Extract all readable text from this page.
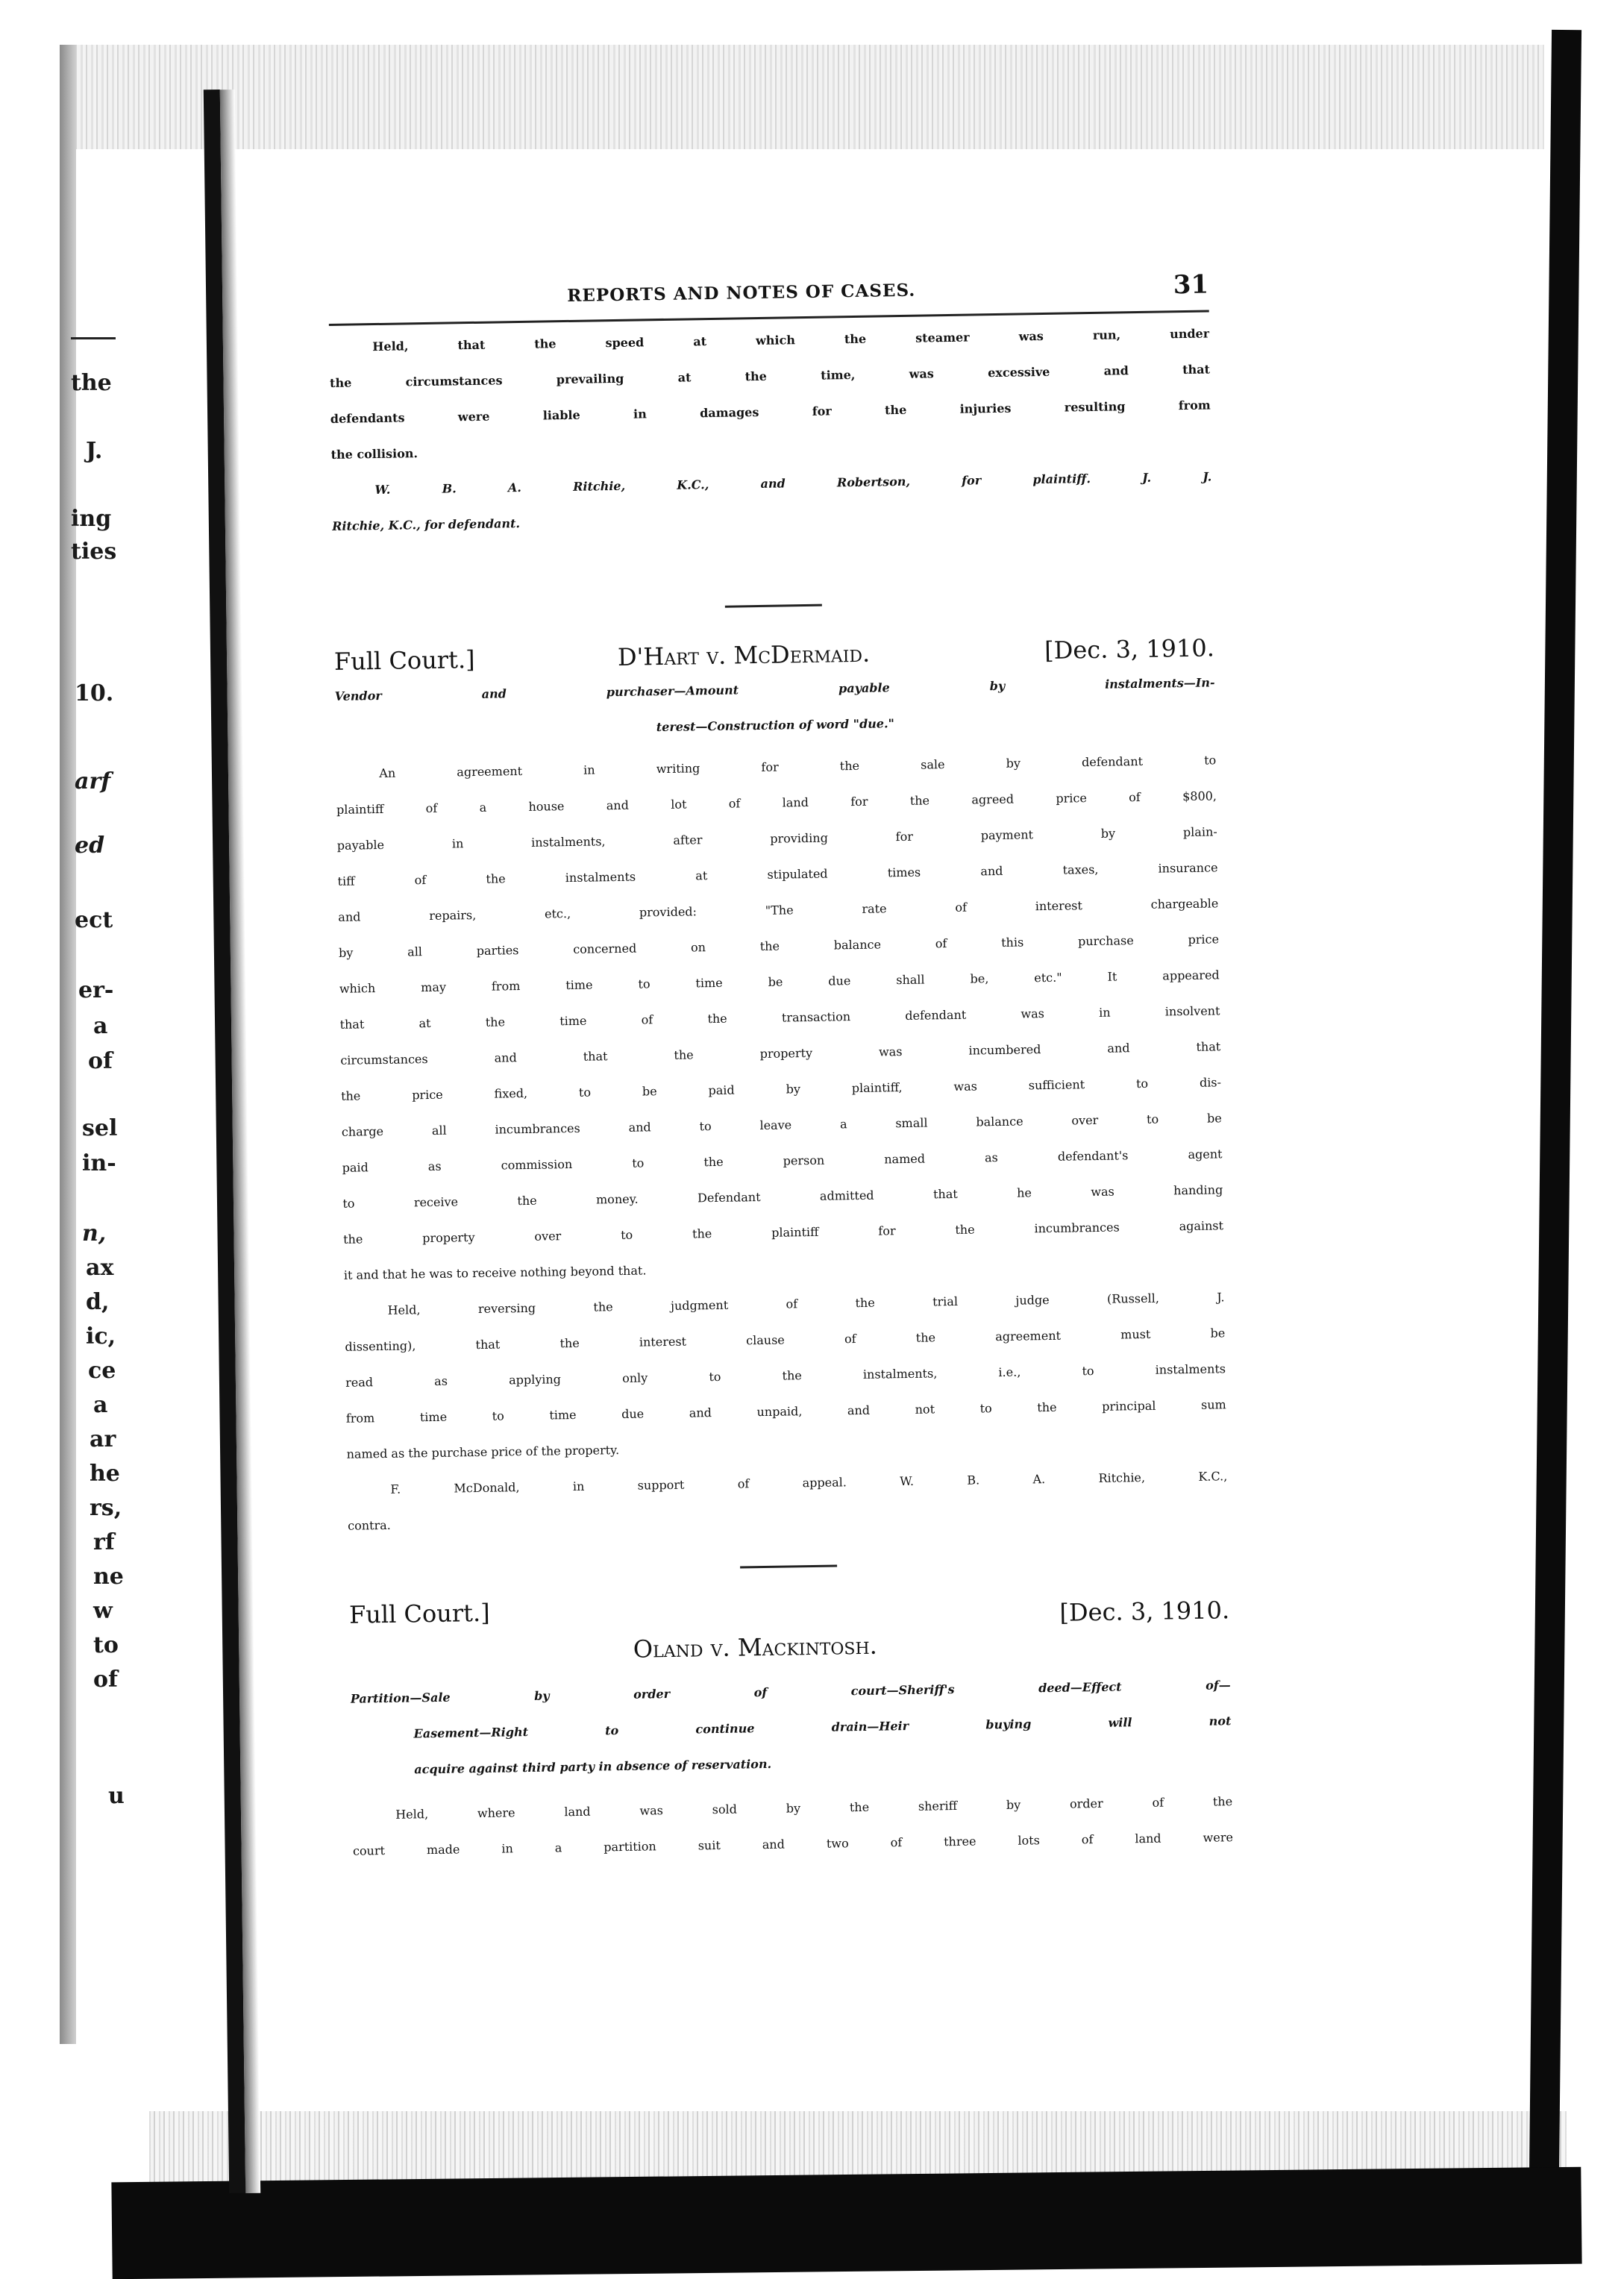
the
J.
ing
ties
10.
arf
ed
ect
er-
a
of
sel
in-
n,
ax
d,
ic,
ce
a
ar
he
rs,
rf
ne
w
to
of
u
REPORTS AND NOTES OF CASES.	31
Held, that the speed at which the steamer was run, under
the circumstances prevailing at the time, was excessive and that
defendants were liable in damages for the injuries resulting from
the collision.
W. B. A. Ritchie, K.C., and Robertson, for plaintiff. J. J.
Ritchie, K.C., for defendant.
Full Court.]	D'Hart v. McDermaid.	[Dec. 3, 1910.
Vendor and purchaser—Amount payable by instalments—In-
terest—Construction of word "due."
An agreement in writing for the sale by defendant to
plaintiff of a house and lot of land for the agreed price of $800,
payable in instalments, after providing for payment by plain-
tiff of the instalments at stipulated times and taxes, insurance
and repairs, etc., provided: "The rate of interest chargeable
by all parties concerned on the balance of this purchase price
which may from time to time be due shall be, etc." It appeared
that at the time of the transaction defendant was in insolvent
circumstances and that the property was incumbered and that
the price fixed, to be paid by plaintiff, was sufficient to dis-
charge all incumbrances and to leave a small balance over to be
paid as commission to the person named as defendant's agent
to receive the money. Defendant admitted that he was handing
the property over to the plaintiff for the incumbrances against
it and that he was to receive nothing beyond that.
Held, reversing the judgment of the trial judge (Russell, J.
dissenting), that the interest clause of the agreement must be
read as applying only to the instalments, i.e., to instalments
from time to time due and unpaid, and not to the principal sum
named as the purchase price of the property.
F. McDonald, in support of appeal. W. B. A. Ritchie, K.C.,
contra.
Full Court.]	[Dec. 3, 1910.
Oland v. Mackintosh.
Partition—Sale by order of court—Sheriff's deed—Effect of—
Easement—Right to continue drain—Heir buying will not
acquire against third party in absence of reservation.
Held, where land was sold by the sheriff by order of the
court made in a partition suit and two of three lots of land were
